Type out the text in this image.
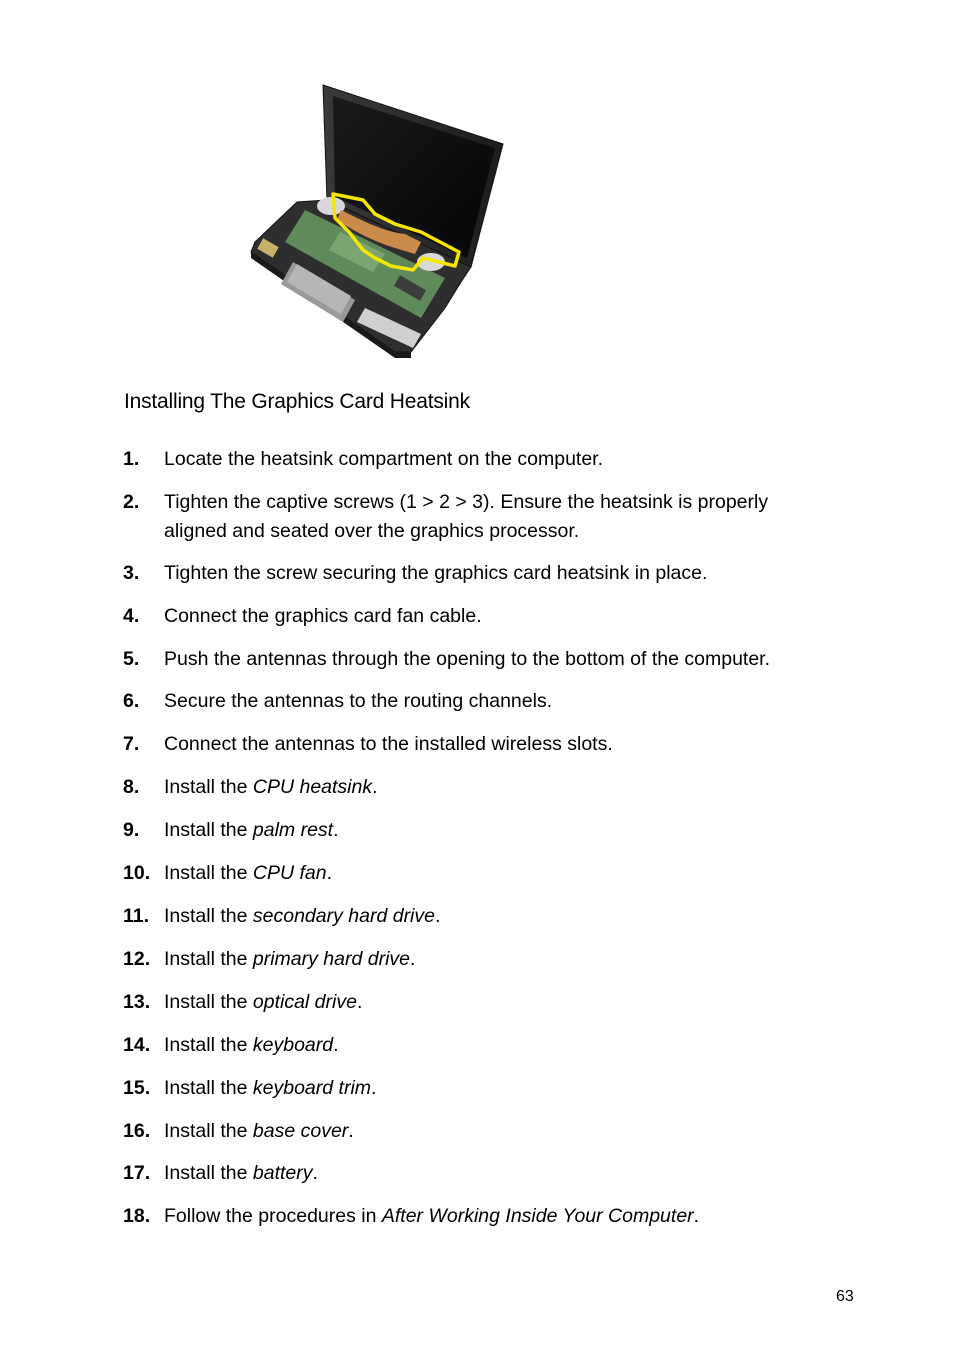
Installing The Graphics Card Heatsink
1.	Locate the heatsink compartment on the computer.
2.	Tighten the captive screws (1 > 2 > 3). Ensure the heatsink is properly
aligned and seated over the graphics processor.
3.	Tighten the screw securing the graphics card heatsink in place.
4.	Connect the graphics card fan cable.
5.	Push the antennas through the opening to the bottom of the computer.
6.	Secure the antennas to the routing channels.
7.	Connect the antennas to the installed wireless slots.
8.	Install the CPU heatsink.
9.	Install the palm rest.
10. Install the CPU fan.
11. Install the secondary hard drive.
12. Install the primary hard drive.
13. Install the optical drive.
14. Install the keyboard.
15. Install the keyboard trim.
16. Install the base cover.
17. Install the battery.
18. Follow the procedures in After Working Inside Your Computer.
63
